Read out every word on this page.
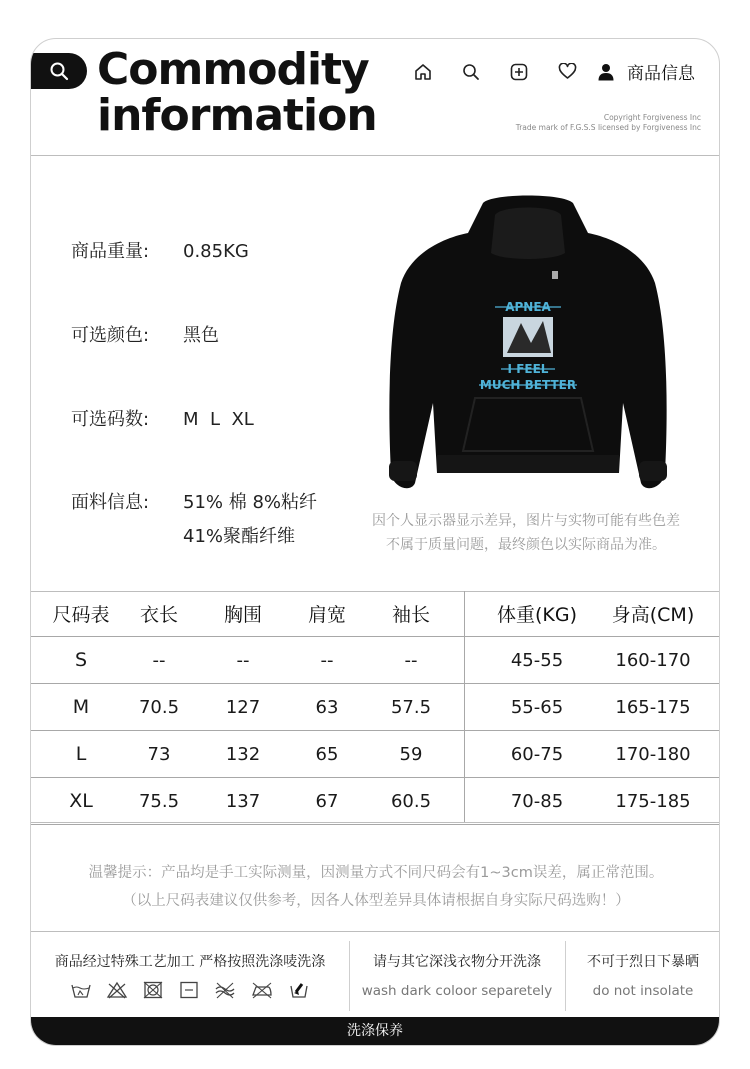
Commodity
information
商品信息
Copyright Forgiveness Inc
Trade mark of F.G.S.S licensed by Forgiveness Inc
商品重量: 0.85KG
可选颜色: 黑色
可选码数: M  L  XL
面料信息: 51% 棉 8%粘纤
41%聚酯纤维
APNEA
I FEEL
MUCH BETTER
因个人显示器显示差异，图片与实物可能有些色差
不属于质量问题，最终颜色以实际商品为准。
尺码表	衣长	胸围	肩宽	袖长	体重(KG)	身高(CM)
S	--	--	--	--	45-55	160-170
M	70.5	127	63	57.5	55-65	165-175
L	73	132	65	59	60-75	170-180
XL	75.5	137	67	60.5	70-85	175-185
温馨提示：产品均是手工实际测量，因测量方式不同尺码会有1~3cm误差，属正常范围。
（以上尺码表建议仅供参考，因各人体型差异具体请根据自身实际尺码选购！）
商品经过特殊工艺加工 严格按照洗涤唛洗涤	请与其它深浅衣物分开洗涤
wash dark coloor separetely
不可于烈日下暴晒
do not insolate
洗涤保养
